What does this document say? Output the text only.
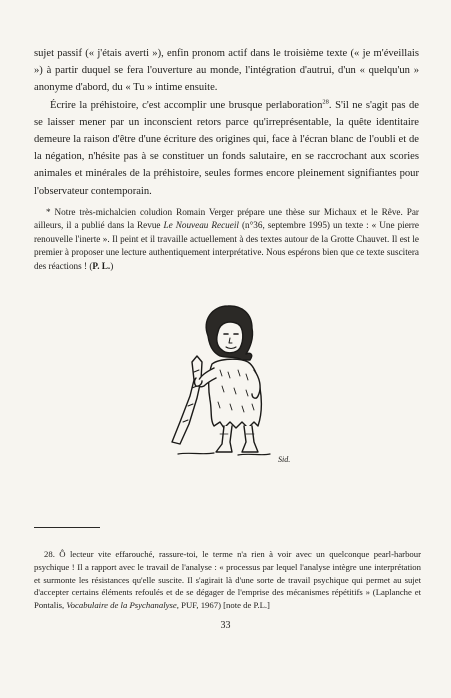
sujet passif (« j'étais averti »), enfin pronom actif dans le troisième texte (« je m'éveillais ») à partir duquel se fera l'ouverture au monde, l'intégration d'autrui, d'un « quelqu'un » anonyme d'abord, du « Tu » intime ensuite.

Écrire la préhistoire, c'est accomplir une brusque perlaboration$^{28}$. S'il ne s'agit pas de se laisser mener par un inconscient retors parce qu'irreprésentable, la quête identitaire demeure la raison d'être d'une écriture des origines qui, face à l'écran blanc de l'oubli et de la négation, n'hésite pas à se constituer un fonds salutaire, en se raccrochant aux scories animales et minérales de la préhistoire, seules formes encore pleinement signifiantes pour l'observateur contemporain.

* Notre très-michalcien coludion Romain Verger prépare une thèse sur Michaux et le Rêve. Par ailleurs, il a publié dans la Revue Le Nouveau Recueil (n°36, septembre 1995) un texte : « Une pierre renouvelle l'inerte ». Il peint et il travaille actuellement à des textes autour de la Grotte Chauvet. Il est le premier à proposer une lecture authentiquement interprétative. Nous espérons bien que ce texte suscitera des réactions ! (P. L.)
Sid.
28. Ô lecteur vite effarouché, rassure-toi, le terme n'a rien à voir avec un quelconque pearl-harbour psychique ! Il a rapport avec le travail de l'analyse : « processus par lequel l'analyse intègre une interprétation et surmonte les résistances qu'elle suscite. Il s'agirait là d'une sorte de travail psychique qui permet au sujet d'accepter certains éléments refoulés et de se dégager de l'emprise des mécanismes répétitifs » (Laplanche et Pontalis, Vocabulaire de la Psychanalyse, PUF, 1967) [note de P.L.]
33
